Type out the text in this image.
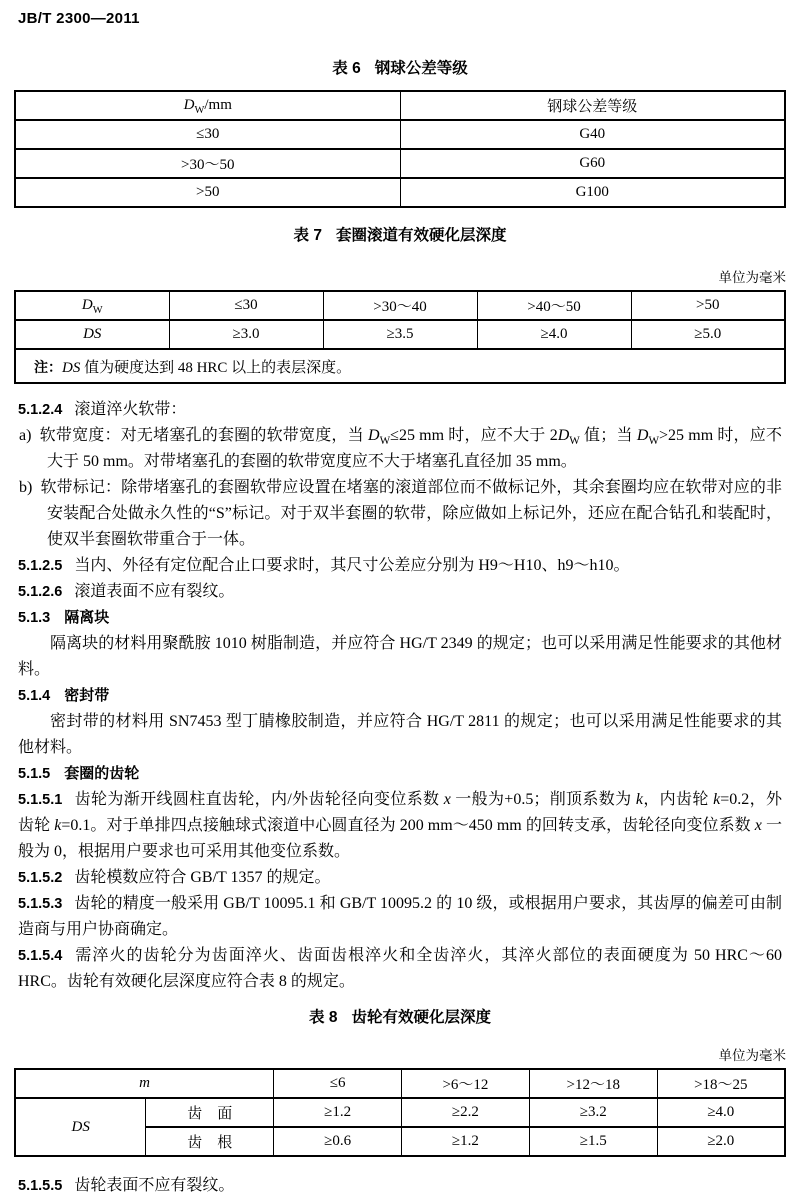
JB/T 2300—2011
表 6 钢球公差等级
$D_W/mm$	钢球公差等级
≤30	G40
>30～50	G60
>50	G100
表 7 套圈滚道有效硬化层深度
单位为毫米
$D_W$	≤30	>30～40	>40～50	>50
DS	≥3.0	≥3.5	≥4.0	≥5.0
注：DS 值为硬度达到 48 HRC 以上的表层深度。				

5.1.2.4 滚道淬火软带：

a) 软带宽度：对无堵塞孔的套圈的软带宽度，当 $D_W\le 25$ mm 时，应不大于 $2D_W$ 值；当 $D_W>25$ mm 时，应不大于 50 mm。对带堵塞孔的套圈的软带宽度应不大于堵塞孔直径加 35 mm。

b) 软带标记：除带堵塞孔的套圈软带应设置在堵塞的滚道部位而不做标记外，其余套圈均应在软带对应的非安装配合处做永久性的“S”标记。对于双半套圈的软带，除应做如上标记外，还应在配合钻孔和装配时，使双半套圈软带重合于一体。

5.1.2.5 当内、外径有定位配合止口要求时，其尺寸公差应分别为 H9～H10、h9～h10。

5.1.2.6 滚道表面不应有裂纹。

5.1.3 隔离块

隔离块的材料用聚酰胺 1010 树脂制造，并应符合 HG/T 2349 的规定；也可以采用满足性能要求的其他材料。

5.1.4 密封带

密封带的材料用 SN7453 型丁腈橡胶制造，并应符合 HG/T 2811 的规定；也可以采用满足性能要求的其他材料。

5.1.5 套圈的齿轮

5.1.5.1 齿轮为渐开线圆柱直齿轮，内/外齿轮径向变位系数 x 一般为+0.5；削顶系数为 k，内齿轮 k=0.2，外齿轮 k=0.1。对于单排四点接触球式滚道中心圆直径为 200 mm～450 mm 的回转支承，齿轮径向变位系数 x 一般为 0，根据用户要求也可采用其他变位系数。

5.1.5.2 齿轮模数应符合 GB/T 1357 的规定。

5.1.5.3 齿轮的精度一般采用 GB/T 10095.1 和 GB/T 10095.2 的 10 级，或根据用户要求，其齿厚的偏差可由制造商与用户协商确定。

5.1.5.4 需淬火的齿轮分为齿面淬火、齿面齿根淬火和全齿淬火，其淬火部位的表面硬度为 50 HRC～60 HRC。齿轮有效硬化层深度应符合表 8 的规定。

表 8 齿轮有效硬化层深度
单位为毫米
m		≤6	>6～12	>12～18	>18～25
DS	齿　面	≥1.2	≥2.2	≥3.2	≥4.0
	齿　根	≥0.6	≥1.2	≥1.5	≥2.0

5.1.5.5 齿轮表面不应有裂纹。
